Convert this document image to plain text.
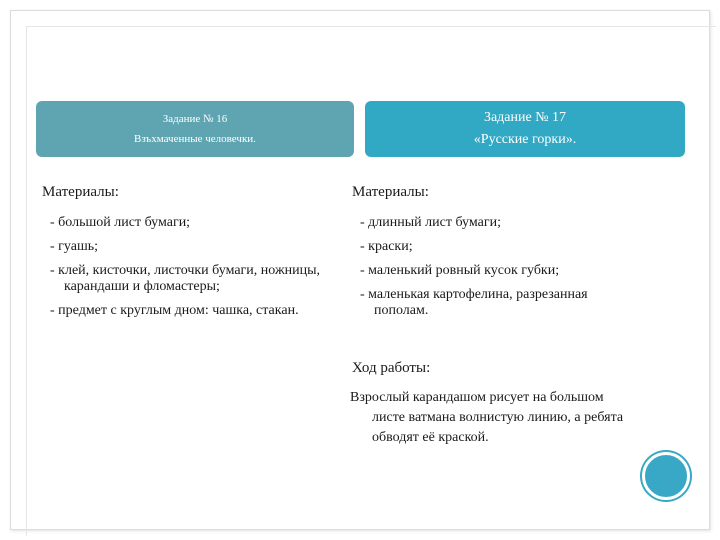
Задание № 16
Взъхмаченные человечки.
Задание № 17
«Русские горки».
Материалы:
- большой лист бумаги;
- гуашь;
- клей, кисточки, листочки бумаги, ножницы, карандаши и фломастеры;
- предмет с круглым дном: чашка, стакан.
Материалы:
- длинный лист бумаги;
- краски;
- маленький ровный кусок губки;
- маленькая картофелина, разрезанная пополам.
Ход работы:

Взрослый карандашом рисует на большом листе ватмана волнистую линию, а ребята обводят её краской.
